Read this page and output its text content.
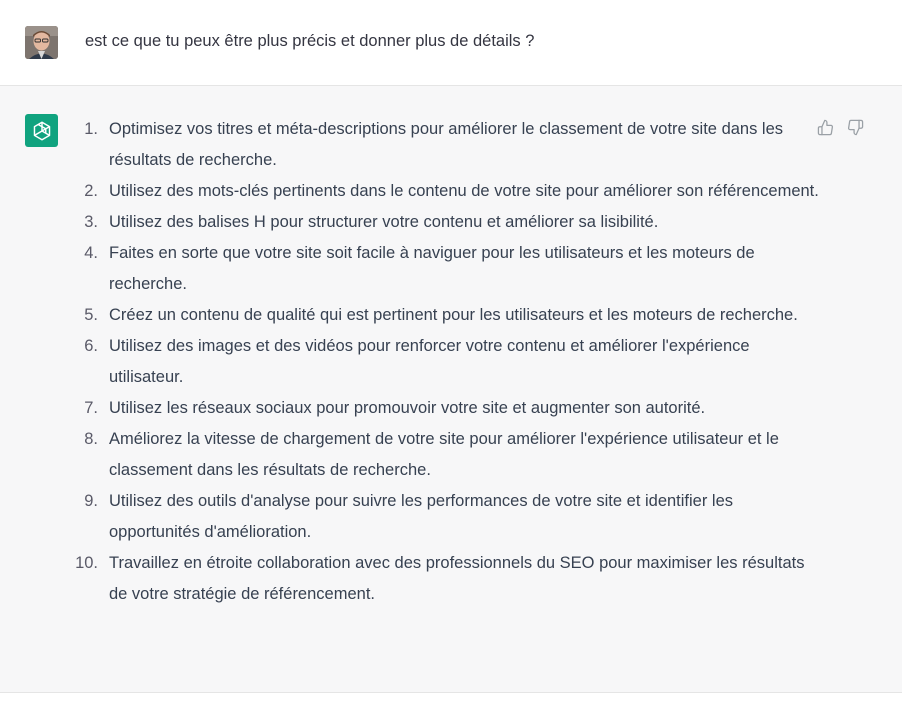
est ce que tu peux être plus précis et donner plus de détails ?
1. Optimisez vos titres et méta-descriptions pour améliorer le classement de votre site dans les résultats de recherche.
2. Utilisez des mots-clés pertinents dans le contenu de votre site pour améliorer son référencement.
3. Utilisez des balises H pour structurer votre contenu et améliorer sa lisibilité.
4. Faites en sorte que votre site soit facile à naviguer pour les utilisateurs et les moteurs de recherche.
5. Créez un contenu de qualité qui est pertinent pour les utilisateurs et les moteurs de recherche.
6. Utilisez des images et des vidéos pour renforcer votre contenu et améliorer l'expérience utilisateur.
7. Utilisez les réseaux sociaux pour promouvoir votre site et augmenter son autorité.
8. Améliorez la vitesse de chargement de votre site pour améliorer l'expérience utilisateur et le classement dans les résultats de recherche.
9. Utilisez des outils d'analyse pour suivre les performances de votre site et identifier les opportunités d'amélioration.
10. Travaillez en étroite collaboration avec des professionnels du SEO pour maximiser les résultats de votre stratégie de référencement.
